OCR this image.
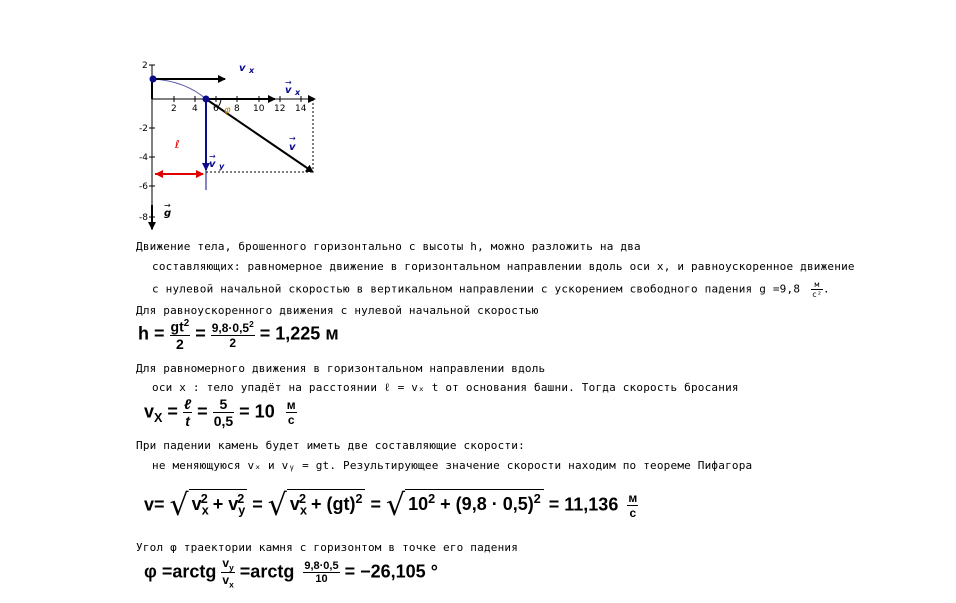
2 4 6 8 10 12 14
2
-2
-4
-6
-8
v $_x$
v $_x$
→
v
→
v $_y$
→
φ
ℓ
g
→
Движение тела, брошенного горизонтально с высоты h, можно разложить на два
составляющих: равномерное движение в горизонтальном направлении вдоль оси x, и равноускоренное движение
с нулевой начальной скоростью в вертикальном направлении с ускорением свободного падения $g =9,8 \frac{м}{\text{с²}}$ .
Для равноускоренного движения с нулевой начальной скоростью
$h = \frac{gt^2}{2} = \frac{9,8\cdot 0,5^2}{2} = 1,225$ м
Для равномерного движения в горизонтальном направлении вдоль
оси x : тело упадёт на расстоянии ℓ = vₓ t от основания башни. Тогда скорость бросания
$v_X = \frac{\text{ℓ}}{t} = \frac{5}{0,5} = 10 \frac{м}{с}$
При падении камень будет иметь две составляющие скорости:
не меняющуюся vₓ и vᵧ = gt. Результирующее значение скорости находим по теореме Пифагора
v= √ $v_x^2 + v_y^2$ = √ $v_x^2 + (gt)^2$ = √ $10^2 + (9,8 \cdot 0,5)^2 = 11,136 \frac{м}{с}$
Угол φ траектории камня с горизонтом в точке его падения
φ =arctg $\frac{v_y}{v_x}$ =arctg $\frac{9,8\cdot 0,5}{10} = -26,105$ °
